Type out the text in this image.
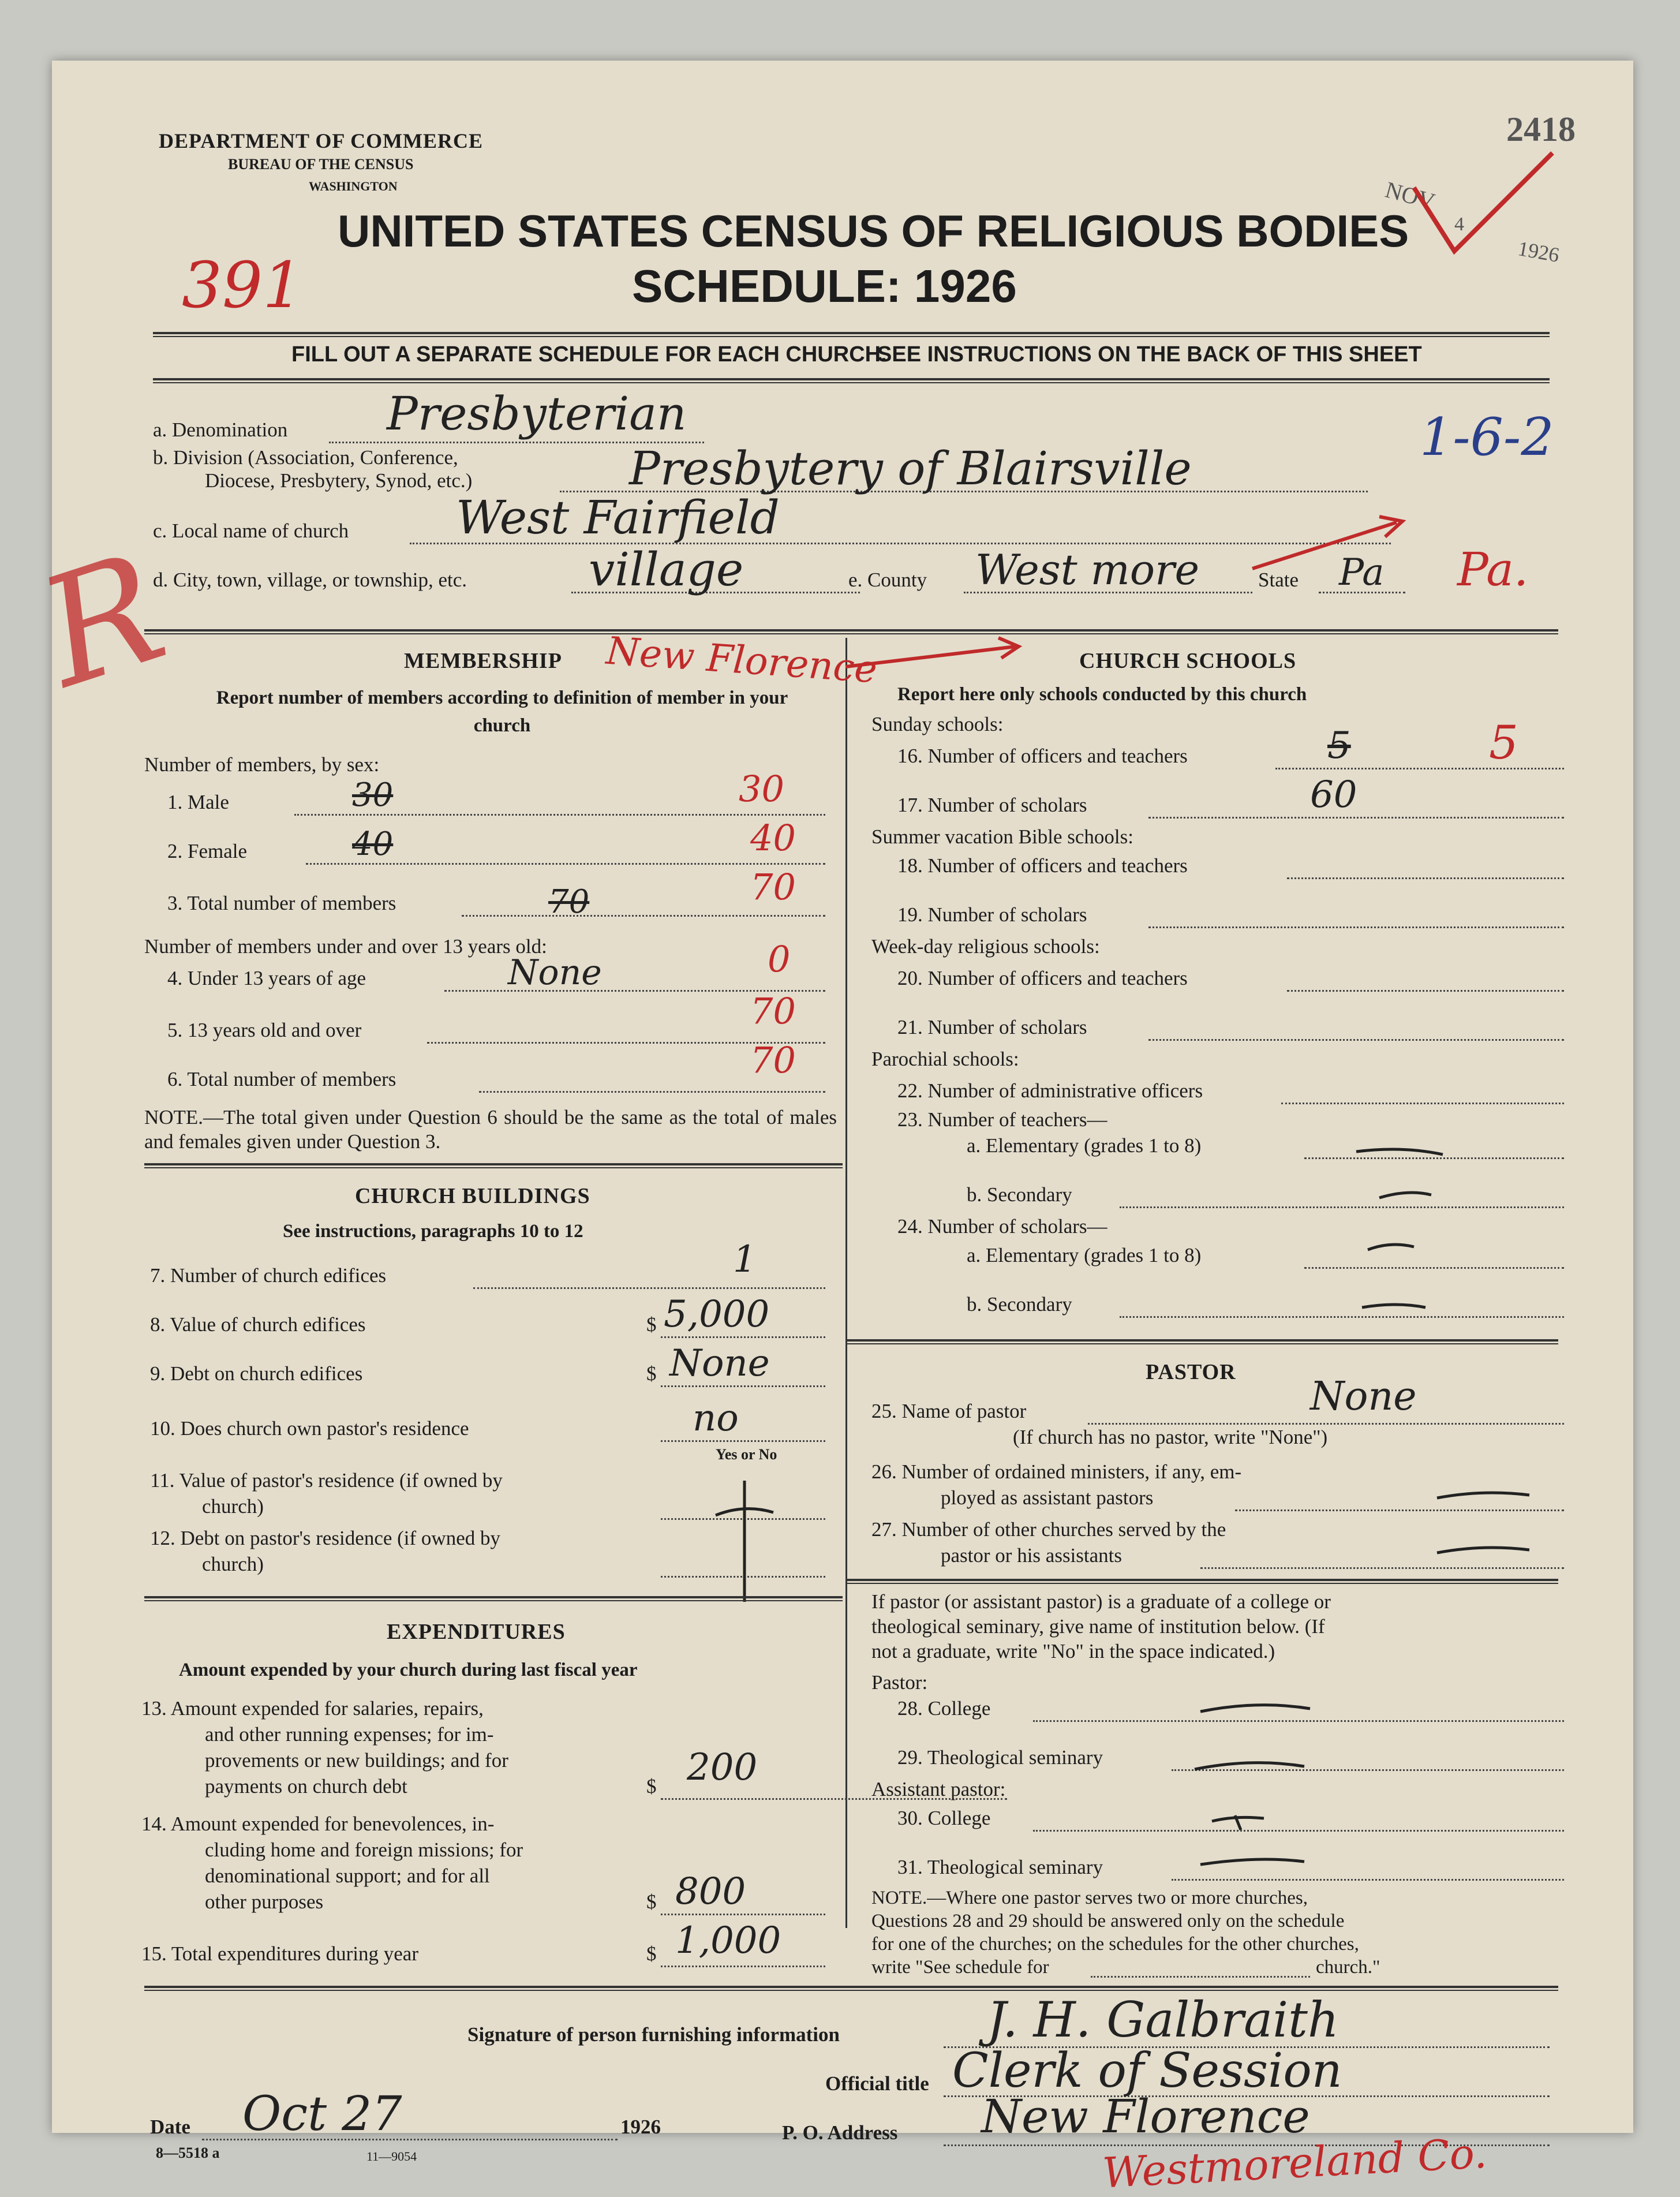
DEPARTMENT OF COMMERCE
BUREAU OF THE CENSUS
WASHINGTON
UNITED STATES CENSUS OF RELIGIOUS BODIES
SCHEDULE: 1926
391
2418
NOV
4
1926
FILL OUT A SEPARATE SCHEDULE FOR EACH CHURCH.
SEE INSTRUCTIONS ON THE BACK OF THIS SHEET
a. Denomination Presbyterian
b. Division (Association, Conference,
Diocese, Presbytery, Synod, etc.)	Presbytery of Blairsville
1-6-2
c. Local name of church West Fairfield
d. City, town, village, or township, etc.	village	e. County West more	State Pa Pa.
R	MEMBERSHIP New Florence
Report number of members according to definition of member in your church
Number of members, by sex:
1. Male	30	30
2. Female	40	40
3. Total number of members	70	70
Number of members under and over 13 years old:
4. Under 13 years of age	None	0
5. 13 years old and over	70
6. Total number of members	70
NOTE.—The total given under Question 6 should be the same as the total of males and females given under Question 3.
CHURCH BUILDINGS
See instructions, paragraphs 10 to 12
7. Number of church edifices	1
8. Value of church edifices	$ 5,000
9. Debt on church edifices	$ None
10. Does church own pastor's residence	no
Yes or No
11. Value of pastor's residence (if owned by
church)
12. Debt on pastor's residence (if owned by
church)
EXPENDITURES
Amount expended by your church during last fiscal year
13. Amount expended for salaries, repairs,
and other running expenses; for im-
provements or new buildings; and for
payments on church debt	$ 200
14. Amount expended for benevolences, in-
cluding home and foreign missions; for
denominational support; and for all
other purposes	$ 800
15. Total expenditures during year	$ 1,000
CHURCH SCHOOLS
Report here only schools conducted by this church
Sunday schools:
16. Number of officers and teachers	5	5
17. Number of scholars	60
Summer vacation Bible schools:
18. Number of officers and teachers
19. Number of scholars
Week-day religious schools:
20. Number of officers and teachers
21. Number of scholars
Parochial schools:
22. Number of administrative officers
23. Number of teachers—
a. Elementary (grades 1 to 8)
b. Secondary
24. Number of scholars—
a. Elementary (grades 1 to 8)
b. Secondary
PASTOR
25. Name of pastor	None
(If church has no pastor, write "None")
26. Number of ordained ministers, if any, em-
ployed as assistant pastors
27. Number of other churches served by the
pastor or his assistants
If pastor (or assistant pastor) is a graduate of a college or
theological seminary, give name of institution below. (If
not a graduate, write "No" in the space indicated.)
Pastor:
28. College
29. Theological seminary
Assistant pastor:
30. College
31. Theological seminary
NOTE.—Where one pastor serves two or more churches,
Questions 28 and 29 should be answered only on the schedule
for one of the churches; on the schedules for the other churches,
write "See schedule for	church."
Signature of person furnishing information	J. H. Galbraith
Official title Clerk of Session
Date Oct 27	1926
8—5518 a	11—9054
P. O. Address New Florence
Westmoreland Co.
